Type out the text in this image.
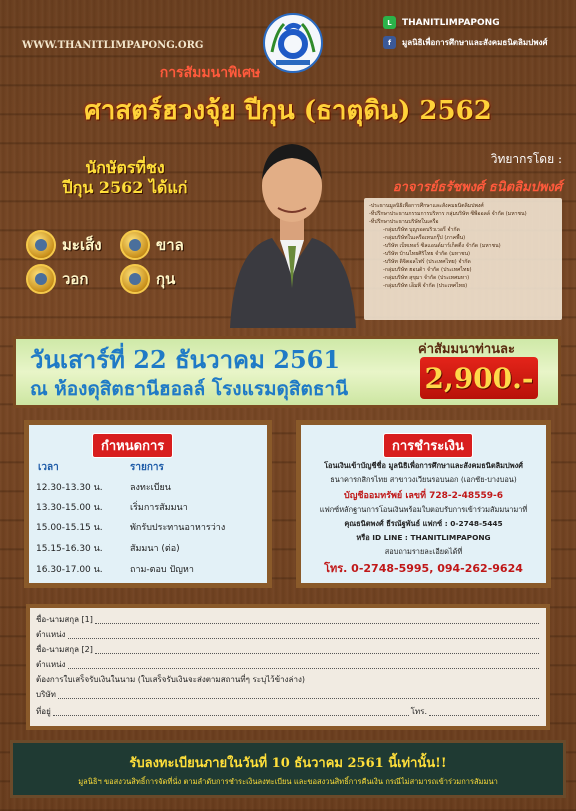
WWW.THANITLIMPAPONG.ORG
L	THANITLIMPAPONG
f	มูลนิธิเพื่อการศึกษาและสังคมธนิตลิมปพงศ์
การสัมมนาพิเศษ
ศาสตร์ฮวงจุ้ย ปีกุน (ธาตุดิน) 2562
นักษัตรที่ชง
ปีกุน 2562 ได้แก่
มะเส็ง	ขาล
วอก	กุน
วิทยากรโดย :
อาจารย์ธรัชพงศ์ ธนิตลิมปพงศ์
-ประธานมูลนิธิเพื่อการศึกษาและสังคมธนิตลิมปพงศ์
-ที่ปรึกษาประธานกรรมการบริหาร กลุ่มบริษัท ซีพีออลล์ จำกัด (มหาชน)
-ที่ปรึกษาประธานบริษัทในเครือ
-กลุ่มบริษัท บุญรอดบริวเวอรี่ จำกัด
-กลุ่มบริษัทในเครือเทนกรุ๊ป (ภาคพื้น)
-บริษัท เบ็ทเทอร์ ซีลแอนด์มาร์เก็ตติ้ง จำกัด (มหาชน)
-บริษัท บ้านไทยศิริไทย จำกัด (มหาชน)
-บริษัท ดิจิตอลไฟร์ (ประเทศไทย) จำกัด
-กลุ่มบริษัท ฮอนด้า จำกัด (ประเทศไทย)
-กลุ่มบริษัท สุขุมา จำกัด (ประเทศมหา)
-กลุ่มบริษัท เอ็มพี จำกัด (ประเทศไทย)
วันเสาร์ที่ 22 ธันวาคม 2561
ณ ห้องดุสิตธานีฮอลล์ โรงแรมดุสิตธานี
ค่าสัมมนาท่านละ
2,900.-
กำหนดการ
เวลา	รายการ
12.30-13.30 น.	ลงทะเบียน
13.30-15.00 น.	เริ่มการสัมมนา
15.00-15.15 น.	พักรับประทานอาหารว่าง
15.15-16.30 น.	สัมมนา (ต่อ)
16.30-17.00 น.	ถาม-ตอบ ปัญหา
การชำระเงิน
โอนเงินเข้าบัญชีชื่อ มูลนิธิเพื่อการศึกษาและสังคมธนิตลิมปพงศ์
ธนาคารกสิกรไทย สาขาวงเวียนรอบนอก (เอกชัย-บางบอน)
บัญชีออมทรัพย์ เลขที่ 728-2-48559-6
แฟกซ์หลักฐานการโอนเงินพร้อมใบตอบรับการเข้าร่วมสัมมนามาที่
คุณธนิตพงศ์ ธีรณัฐพันธ์ แฟกซ์ : 0-2748-5445
หรือ ID LINE : THANITLIMPAPONG
สอบถามรายละเอียดได้ที่
โทร. 0-2748-5995, 094-262-9624
ชื่อ-นามสกุล [1]
ตำแหน่ง
ชื่อ-นามสกุล [2]
ตำแหน่ง
ต้องการใบเสร็จรับเงินในนาม (ใบเสร็จรับเงินจะส่งตามสถานที่ๆ ระบุไว้ข้างล่าง)
บริษัท
ที่อยู่	โทร.
รับลงทะเบียนภายในวันที่ 10 ธันวาคม 2561 นี้เท่านั้น!!
มูลนิธิฯ ขอสงวนสิทธิ์การจัดที่นั่ง ตามลำดับการชำระเงินลงทะเบียน และขอสงวนสิทธิ์การคืนเงิน กรณีไม่สามารถเข้าร่วมการสัมมนา
